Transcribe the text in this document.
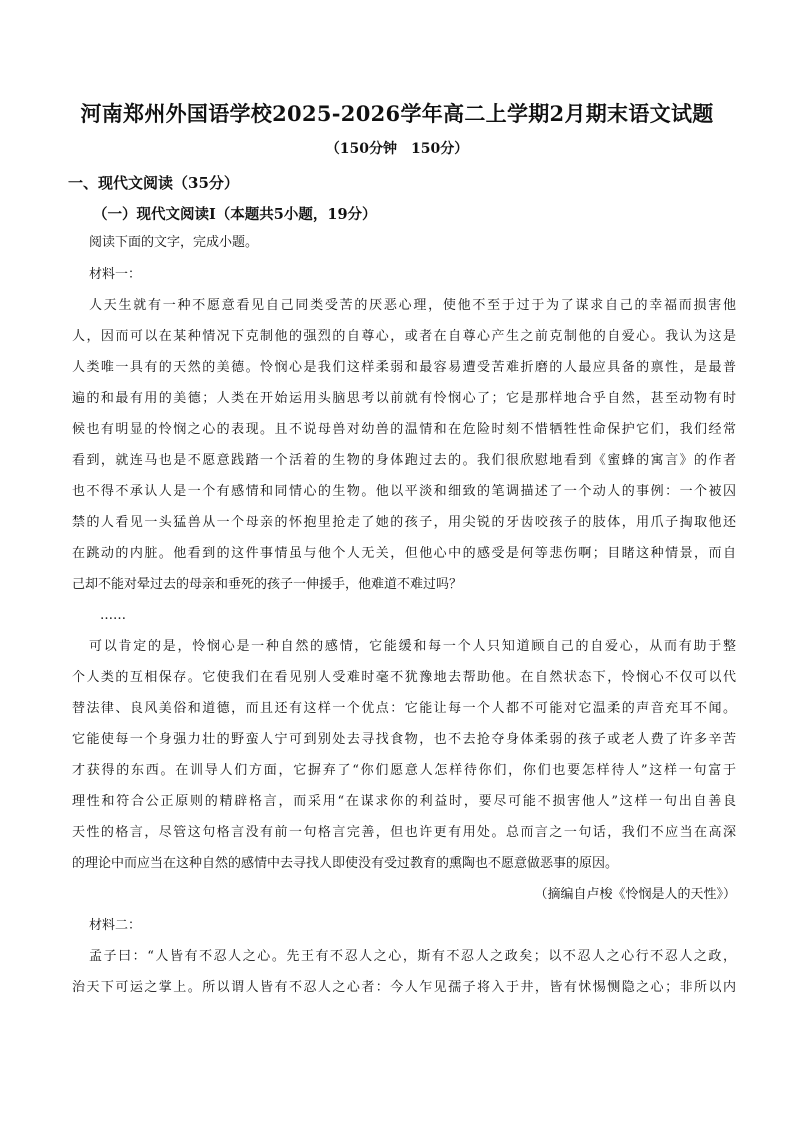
河南郑州外国语学校2025-2026学年高二上学期2月期末语文试题
（150分钟　150分）
一、现代文阅读（35分）
（一）现代文阅读Ⅰ（本题共5小题，19分）
阅读下面的文字，完成小题。
材料一：
人天生就有一种不愿意看见自己同类受苦的厌恶心理，使他不至于过于为了谋求自己的幸福而损害他
人，因而可以在某种情况下克制他的强烈的自尊心，或者在自尊心产生之前克制他的自爱心。我认为这是
人类唯一具有的天然的美德。怜悯心是我们这样柔弱和最容易遭受苦难折磨的人最应具备的禀性，是最普
遍的和最有用的美德；人类在开始运用头脑思考以前就有怜悯心了；它是那样地合乎自然，甚至动物有时
候也有明显的怜悯之心的表现。且不说母兽对幼兽的温情和在危险时刻不惜牺牲性命保护它们，我们经常
看到，就连马也是不愿意践踏一个活着的生物的身体跑过去的。我们很欣慰地看到《蜜蜂的寓言》的作者
也不得不承认人是一个有感情和同情心的生物。他以平淡和细致的笔调描述了一个动人的事例：一个被囚
禁的人看见一头猛兽从一个母亲的怀抱里抢走了她的孩子，用尖锐的牙齿咬孩子的肢体，用爪子掏取他还
在跳动的内脏。他看到的这件事情虽与他个人无关，但他心中的感受是何等悲伤啊；目睹这种情景，而自
己却不能对晕过去的母亲和垂死的孩子一伸援手，他难道不难过吗？
……
可以肯定的是，怜悯心是一种自然的感情，它能缓和每一个人只知道顾自己的自爱心，从而有助于整
个人类的互相保存。它使我们在看见别人受难时毫不犹豫地去帮助他。在自然状态下，怜悯心不仅可以代
替法律、良风美俗和道德，而且还有这样一个优点：它能让每一个人都不可能对它温柔的声音充耳不闻。
它能使每一个身强力壮的野蛮人宁可到别处去寻找食物，也不去抢夺身体柔弱的孩子或老人费了许多辛苦
才获得的东西。在训导人们方面，它摒弃了“你们愿意人怎样待你们，你们也要怎样待人”这样一句富于
理性和符合公正原则的精辟格言，而采用“在谋求你的利益时，要尽可能不损害他人”这样一句出自善良
天性的格言，尽管这句格言没有前一句格言完善，但也许更有用处。总而言之一句话，我们不应当在高深
的理论中而应当在这种自然的感情中去寻找人即使没有受过教育的熏陶也不愿意做恶事的原因。
（摘编自卢梭《怜悯是人的天性》）
材料二：
孟子曰：“人皆有不忍人之心。先王有不忍人之心，斯有不忍人之政矣；以不忍人之心行不忍人之政，
治天下可运之掌上。所以谓人皆有不忍人之心者：今人乍见孺子将入于井，皆有怵惕恻隐之心；非所以内
